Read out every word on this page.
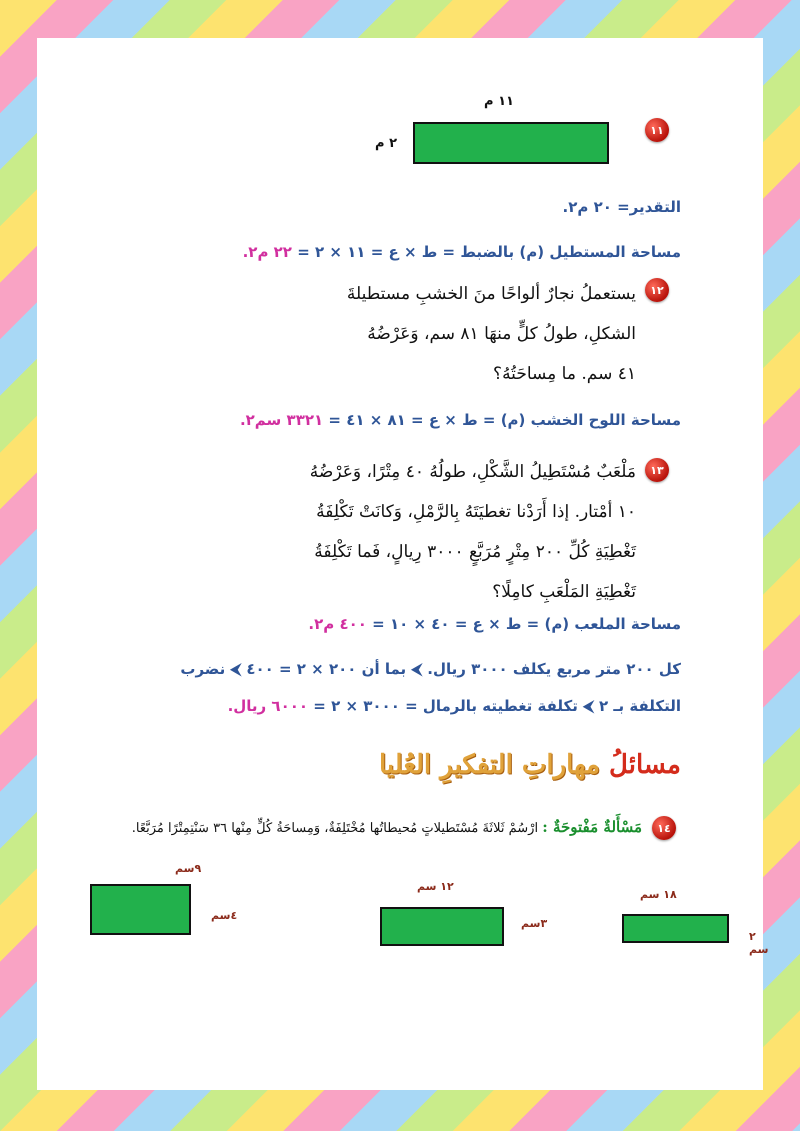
١١
١١ م
٢ م
التقدير= ٢٠ م٢.
مساحة المستطيل (م) بالضبط = ط × ع = ١١ × ٢ = ٢٢ م٢.
١٢
يستعملُ نجارٌ ألواحًا منَ الخشبِ مستطيلةَ
الشكلِ، طولُ كلٍّ منهَا ٨١ سم، وَعَرْضُهُ
٤١ سم. ما مِساحَتُهُ؟
مساحة اللوح الخشب (م) = ط × ع = ٨١ × ٤١ = ٣٣٢١ سم٢.
١٣
مَلْعَبٌ مُسْتَطِيلُ الشَّكْلِ، طولُهُ ٤٠ مِتْرًا، وَعَرْضُهُ
١٠ أمْتار. إذا أَرَدْنا تغطيَتَهُ بِالرَّمْلِ، وَكانَتْ تَكْلِفَةُ
تَغْطِيَةِ كُلِّ ٢٠٠ مِتْرٍ مُرَبَّعٍ ٣٠٠٠ رِيالٍ، فَما تَكْلِفَةُ
تَغْطِيَةِ المَلْعَبِ كامِلًا؟
مساحة الملعب (م) = ط × ع = ٤٠ × ١٠ = ٤٠٠ م٢.
كل ٢٠٠ متر مربع يكلف ٣٠٠٠ ريال. ⮜ بما أن ٢٠٠ × ٢ = ٤٠٠ ⮜ نضرب
التكلفة بـ ٢ ⮜ تكلفة تغطيته بالرمال = ٣٠٠٠ × ٢ = ٦٠٠٠ ريال.
مسائلُ مهاراتِ التفكيرِ العُليا
١٤
مَسْأَلةٌ مَفْتوحَةٌ : ارْسُمْ ثَلاثَةَ مُسْتَطيلاتٍ مُحيطاتُها مُخْتَلِفَةٌ، وَمِساحَةُ كُلٍّ مِنْها ٣٦ سَنْتِمِتْرًا مُرَبَّعًا.
١٨ سم
٢ سم
١٢ سم
٣سم
٩سم
٤سم
